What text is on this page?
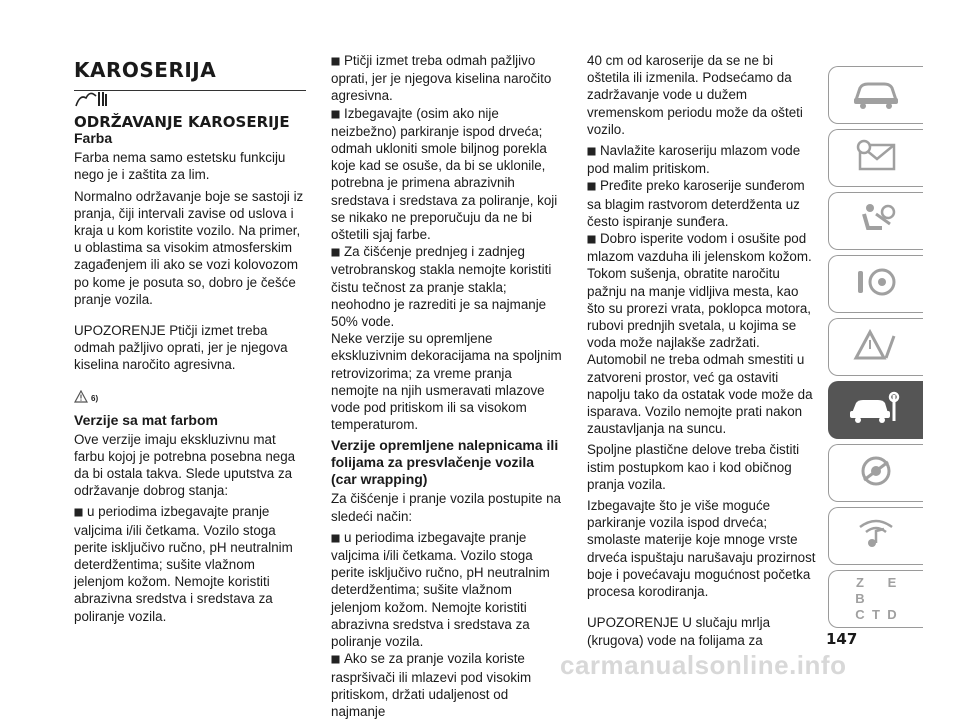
KAROSERIJA

ODRŽAVANJE KAROSERIJE

Farba

Farba nema samo estetsku funkciju nego je i zaštita za lim.

Normalno održavanje boje se sastoji iz pranja, čiji intervali zavise od uslova i kraja u kom koristite vozilo. Na primer, u oblastima sa visokim atmosferskim zagađenjem ili ako se vozi kolovozom po kome je posuta so, dobro je češće pranje vozila.

UPOZORENJE Ptičji izmet treba odmah pažljivo oprati, jer je njegova kiselina naročito agresivna.

6)

Verzije sa mat farbom

Ove verzije imaju ekskluzivnu mat farbu kojoj je potrebna posebna nega da bi ostala takva. Slede uputstva za održavanje dobrog stanja:

u periodima izbegavajte pranje valjcima i/ili četkama. Vozilo stoga perite isključivo ručno, pH neutralnim deterdžentima; sušite vlažnom jelenjom kožom. Nemojte koristiti abrazivna sredstva i sredstava za poliranje vozila.

Ptičji izmet treba odmah pažljivo oprati, jer je njegova kiselina naročito agresivna.

Izbegavajte (osim ako nije neizbežno) parkiranje ispod drveća; odmah ukloniti smole biljnog porekla koje kad se osuše, da bi se uklonile, potrebna je primena abrazivnih sredstava i sredstava za poliranje, koji se nikako ne preporučuju da ne bi oštetili sjaj farbe.

Za čišćenje prednjeg i zadnjeg vetrobranskog stakla nemojte koristiti čistu tečnost za pranje stakla; neohodno je razrediti je sa najmanje 50% vode.

Neke verzije su opremljene ekskluzivnim dekoracijama na spoljnim retrovizorima; za vreme pranja nemojte na njih usmeravati mlazove vode pod pritiskom ili sa visokom temperaturom.

Verzije opremljene nalepnicama ili folijama za presvlačenje vozila (car wrapping)

Za čišćenje i pranje vozila postupite na sledeći način:

u periodima izbegavajte pranje valjcima i/ili četkama. Vozilo stoga perite isključivo ručno, pH neutralnim deterdžentima; sušite vlažnom jelenjom kožom. Nemojte koristiti abrazivna sredstva i sredstava za poliranje vozila.

Ako se za pranje vozila koriste raspršivači ili mlazevi pod visokim pritiskom, držati udaljenost od najmanje

40 cm od karoserije da se ne bi oštetila ili izmenila. Podsećamo da zadržavanje vode u dužem vremenskom periodu može da ošteti vozilo.

Navlažite karoseriju mlazom vode pod malim pritiskom.

Pređite preko karoserije sunđerom sa blagim rastvorom deterdženta uz često ispiranje sunđera.

Dobro isperite vodom i osušite pod mlazom vazduha ili jelenskom kožom.

Tokom sušenja, obratite naročitu pažnju na manje vidljiva mesta, kao što su prorezi vrata, poklopca motora, rubovi prednjih svetala, u kojima se voda može najlakše zadržati. Automobil ne treba odmah smestiti u zatvoreni prostor, već ga ostaviti napolju tako da ostatak vode može da isparava. Vozilo nemojte prati nakon zaustavljanja na suncu.

Spoljne plastične delove treba čistiti istim postupkom kao i kod običnog pranja vozila.

Izbegavajte što je više moguće parkiranje vozila ispod drveća; smolaste materije koje mnoge vrste drveća ispuštaju narušavaju prozirnost boje i povećavaju mogućnost početka procesa korodiranja.

UPOZORENJE U slučaju mrlja (krugova) vode na folijama za

Z	E
B
C T D
147
carmanualsonline.info
